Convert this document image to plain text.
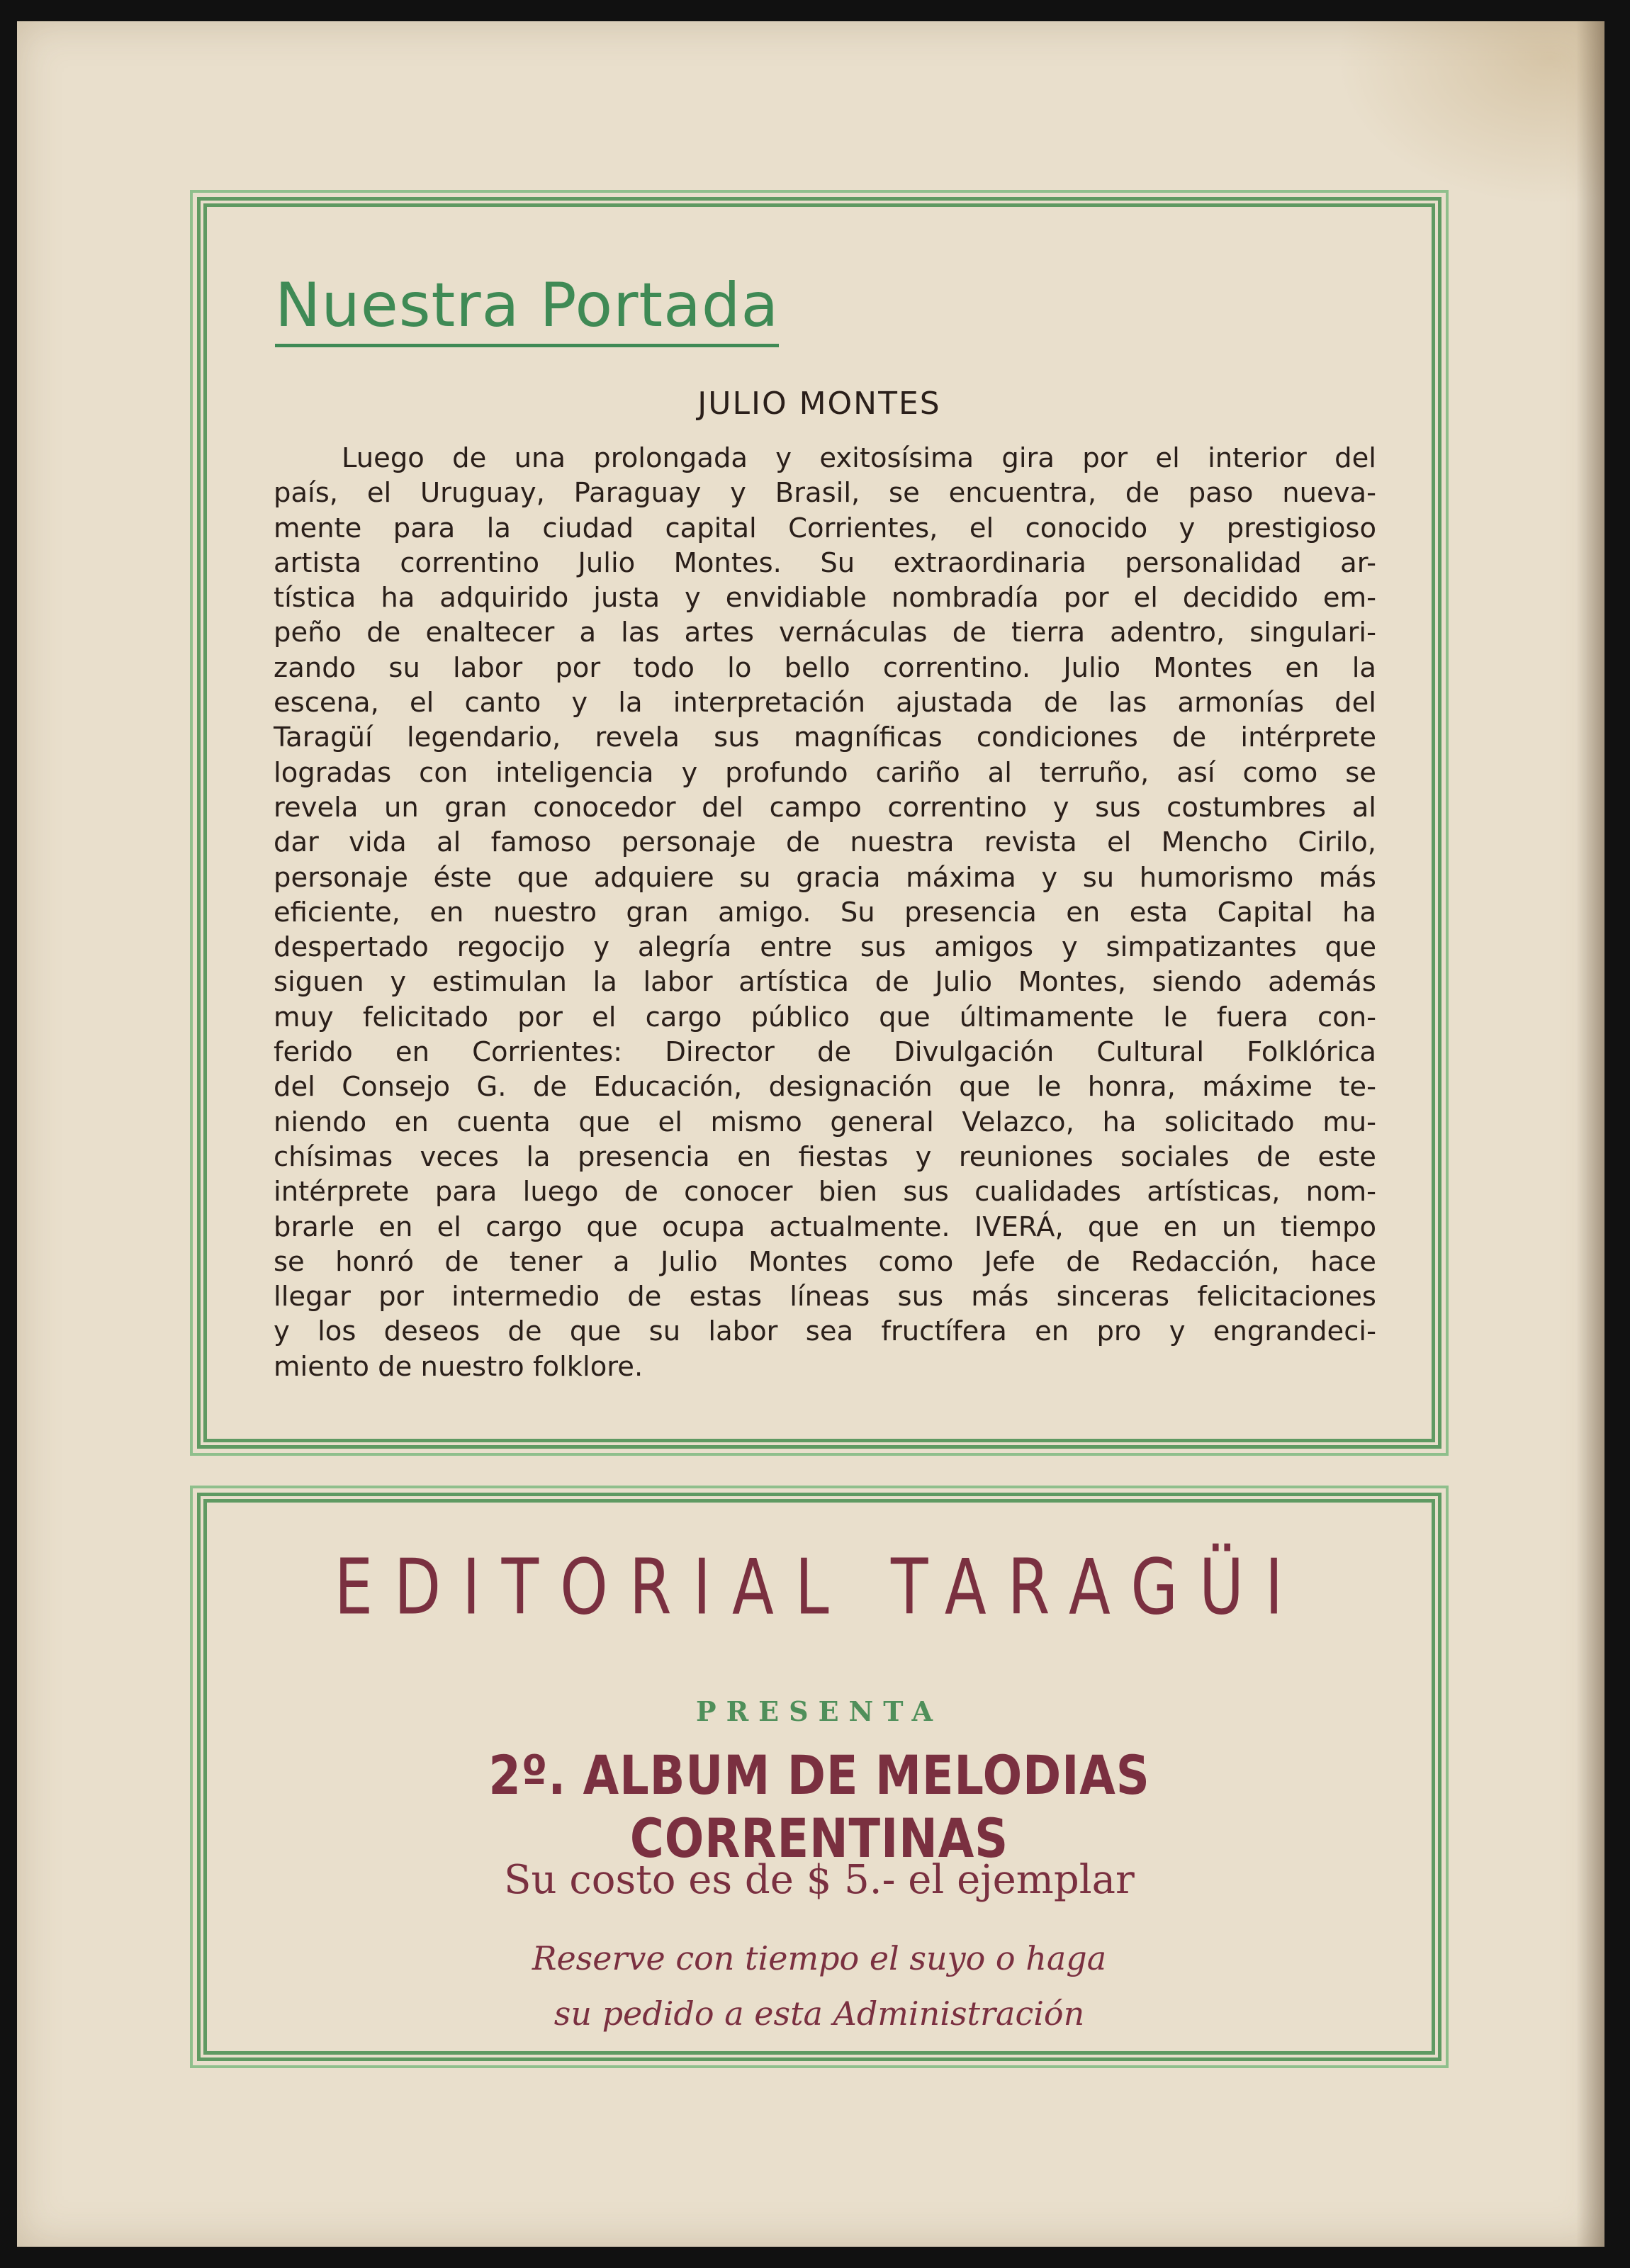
Nuestra Portada
JULIO MONTES

Luego de una prolongada y exitosísima gira por el interior del
país, el Uruguay, Paraguay y Brasil, se encuentra, de paso nueva-
mente para la ciudad capital Corrientes, el conocido y prestigioso
artista correntino Julio Montes. Su extraordinaria personalidad ar-
tística ha adquirido justa y envidiable nombradía por el decidido em-
peño de enaltecer a las artes vernáculas de tierra adentro, singulari-
zando su labor por todo lo bello correntino. Julio Montes en la
escena, el canto y la interpretación ajustada de las armonías del
Taragüí legendario, revela sus magníficas condiciones de intérprete
logradas con inteligencia y profundo cariño al terruño, así como se
revela un gran conocedor del campo correntino y sus costumbres al
dar vida al famoso personaje de nuestra revista el Mencho Cirilo,
personaje éste que adquiere su gracia máxima y su humorismo más
eficiente, en nuestro gran amigo. Su presencia en esta Capital ha
despertado regocijo y alegría entre sus amigos y simpatizantes que
siguen y estimulan la labor artística de Julio Montes, siendo además
muy felicitado por el cargo público que últimamente le fuera con-
ferido en Corrientes: Director de Divulgación Cultural Folklórica
del Consejo G. de Educación, designación que le honra, máxime te-
niendo en cuenta que el mismo general Velazco, ha solicitado mu-
chísimas veces la presencia en fiestas y reuniones sociales de este
intérprete para luego de conocer bien sus cualidades artísticas, nom-
brarle en el cargo que ocupa actualmente. IVERÁ, que en un tiempo
se honró de tener a Julio Montes como Jefe de Redacción, hace
llegar por intermedio de estas líneas sus más sinceras felicitaciones
y los deseos de que su labor sea fructífera en pro y engrandeci-
miento de nuestro folklore.

EDITORIAL TARAGÜI
PRESENTA
2º. ALBUM DE MELODIAS CORRENTINAS
Su costo es de $ 5.- el ejemplar
Reserve con tiempo el suyo o haga
su pedido a esta Administración
